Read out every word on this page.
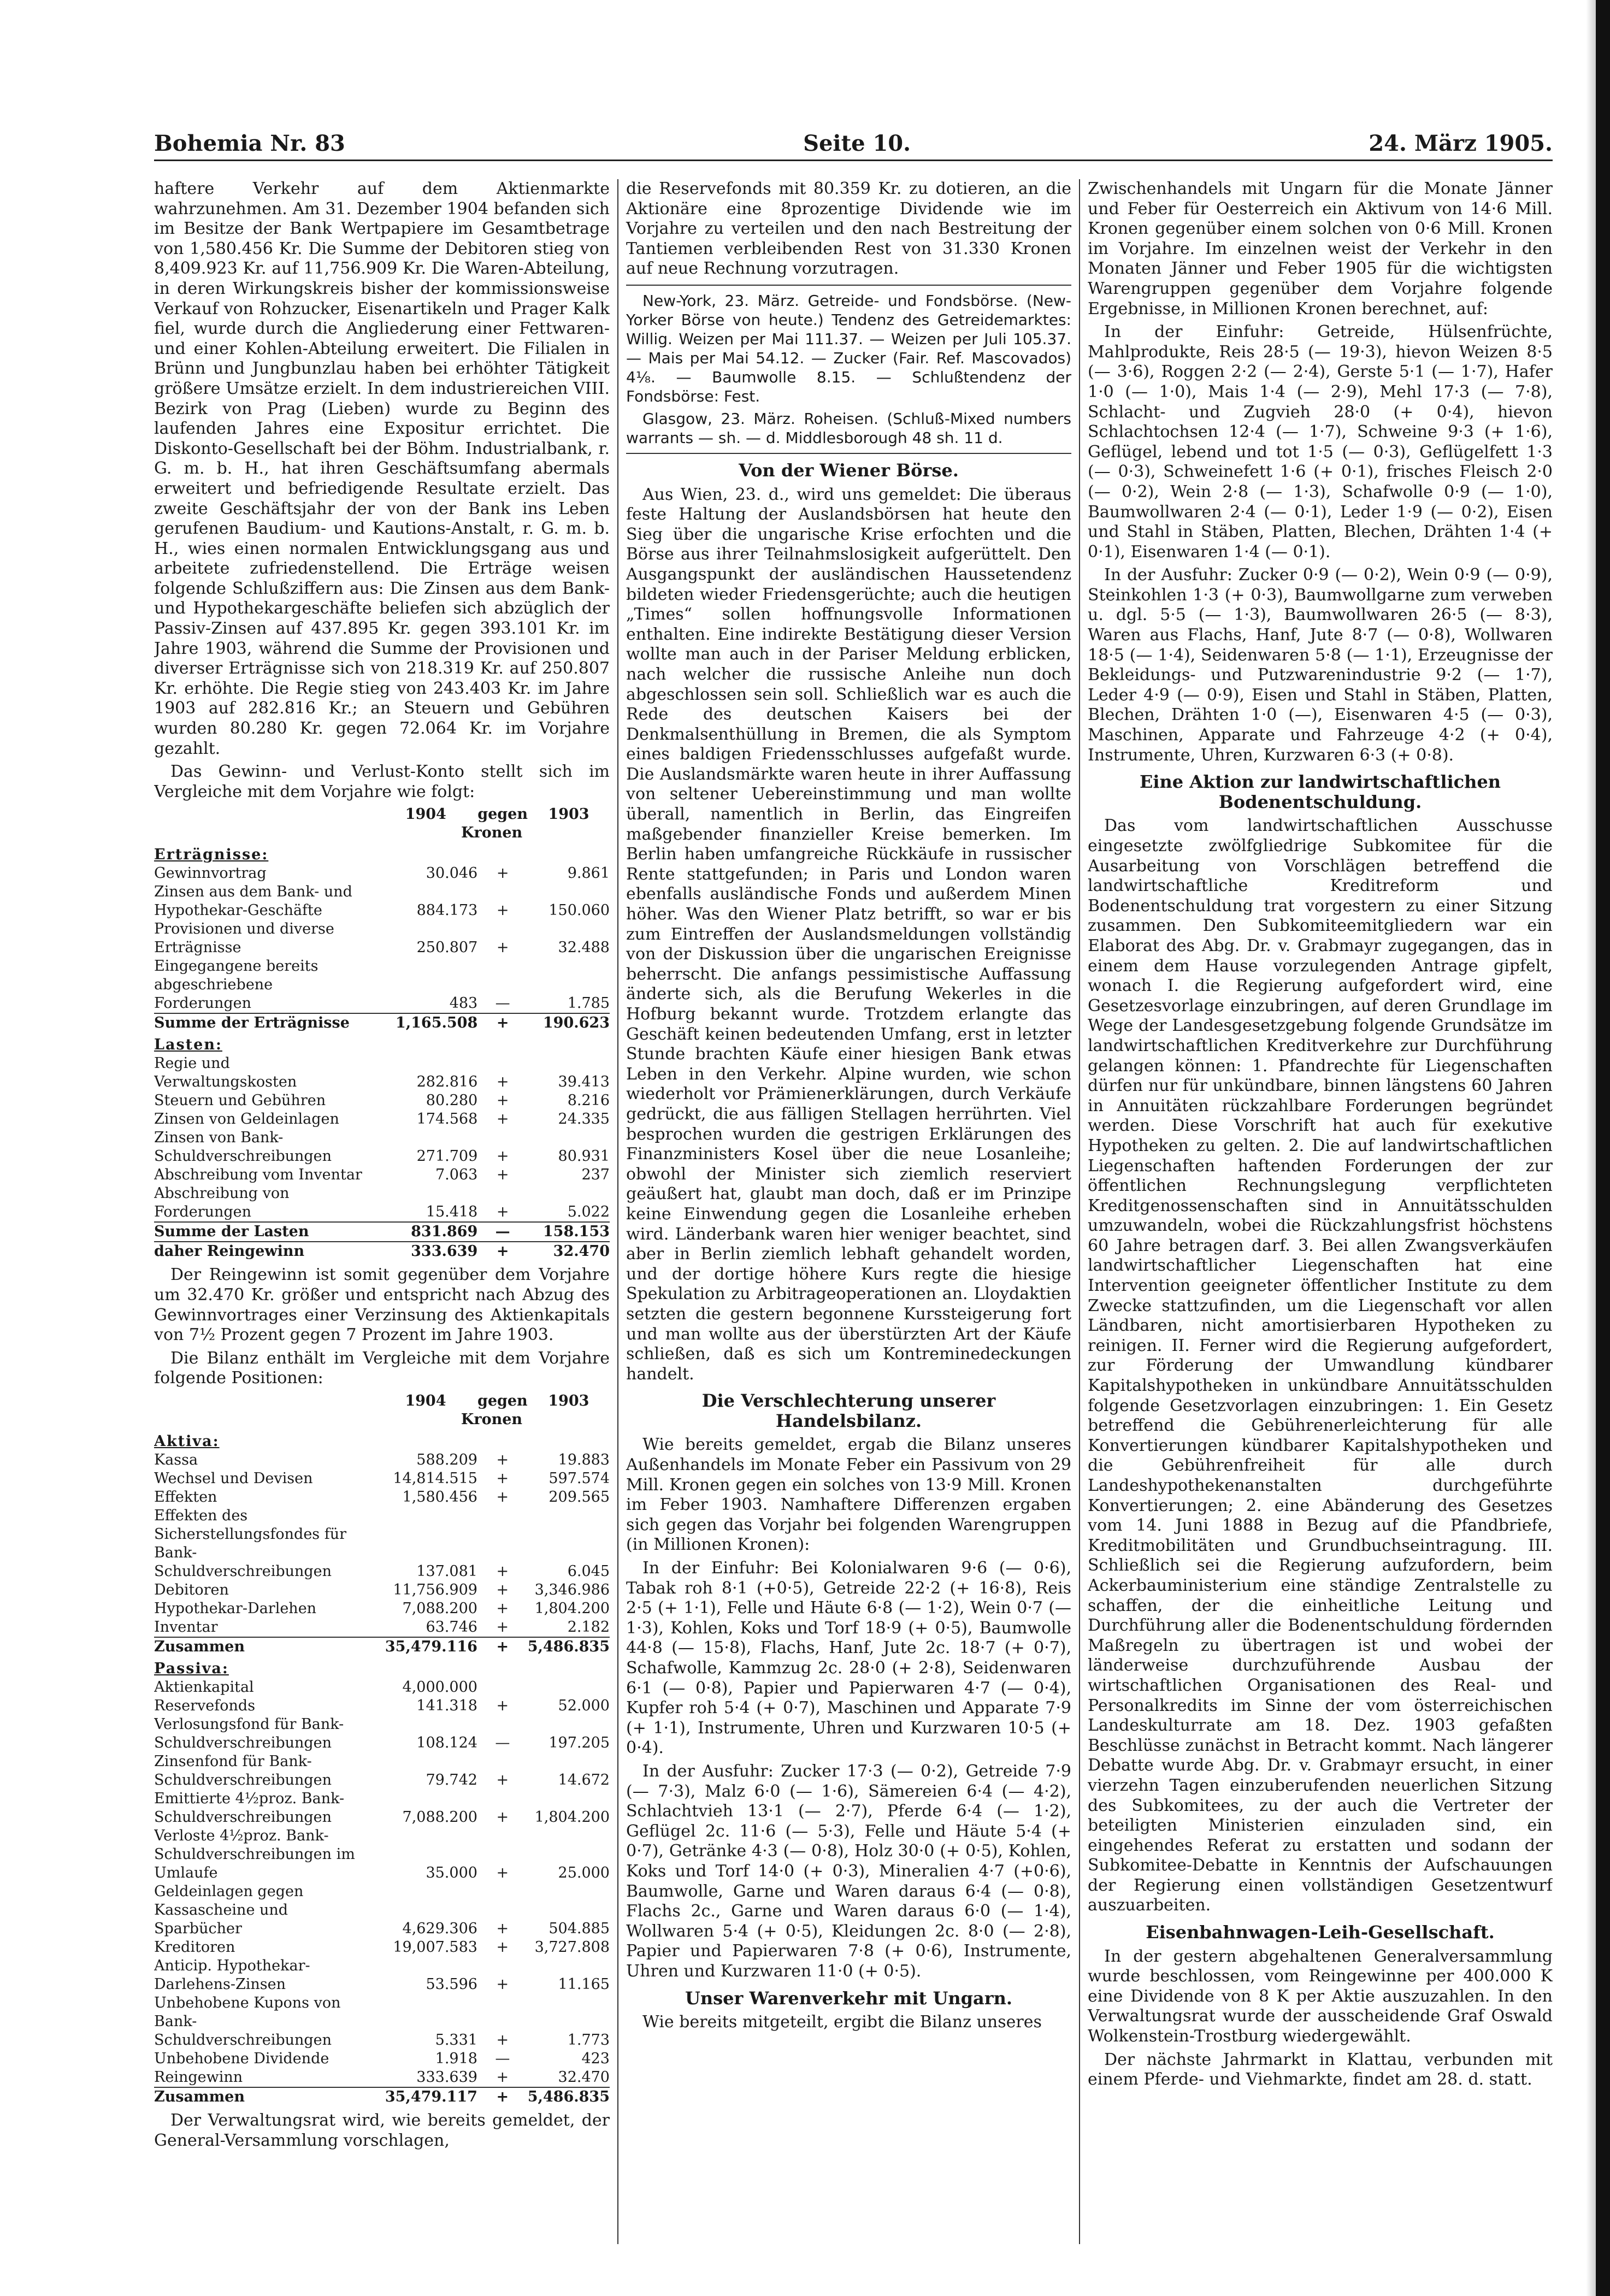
Bohemia Nr. 83	Seite 10.	24. März 1905.

haftere Verkehr auf dem Aktienmarkte wahrzunehmen. Am 31. Dezember 1904 befanden sich im Besitze der Bank Wertpapiere im Gesamtbetrage von 1,580.456 Kr. Die Summe der Debitoren stieg von 8,409.923 Kr. auf 11,756.909 Kr. Die Waren-Abteilung, in deren Wirkungskreis bisher der kommissionsweise Verkauf von Rohzucker, Eisenartikeln und Prager Kalk fiel, wurde durch die Angliederung einer Fettwaren- und einer Kohlen-Abteilung erweitert. Die Filialen in Brünn und Jungbunzlau haben bei erhöhter Tätigkeit größere Umsätze erzielt. In dem industriereichen VIII. Bezirk von Prag (Lieben) wurde zu Beginn des laufenden Jahres eine Expositur errichtet. Die Diskonto-Gesellschaft bei der Böhm. Industrialbank, r. G. m. b. H., hat ihren Geschäftsumfang abermals erweitert und befriedigende Resultate erzielt. Das zweite Geschäftsjahr der von der Bank ins Leben gerufenen Baudium- und Kautions-Anstalt, r. G. m. b. H., wies einen normalen Entwicklungsgang aus und arbeitete zufriedenstellend. Die Erträge weisen folgende Schlußziffern aus: Die Zinsen aus dem Bank- und Hypothekargeschäfte beliefen sich abzüglich der Passiv-Zinsen auf 437.895 Kr. gegen 393.101 Kr. im Jahre 1903, während die Summe der Provisionen und diverser Erträgnisse sich von 218.319 Kr. auf 250.807 Kr. erhöhte. Die Regie stieg von 243.403 Kr. im Jahre 1903 auf 282.816 Kr.; an Steuern und Gebühren wurden 80.280 Kr. gegen 72.064 Kr. im Vorjahre gezahlt.

Das Gewinn- und Verlust-Konto stellt sich im Vergleiche mit dem Vorjahre wie folgt:

	1904	gegen	1903
	Kronen		
Erträgnisse:			
Gewinnvortrag	30.046	+	9.861
Zinsen aus dem Bank- und Hypothekar-Geschäfte	884.173	+	150.060
Provisionen und diverse Erträgnisse	250.807	+	32.488
Eingegangene bereits abgeschriebene Forderungen	483	—	1.785
Summe der Erträgnisse	1,165.508	+	190.623
Lasten:			
Regie und Verwaltungskosten	282.816	+	39.413
Steuern und Gebühren	80.280	+	8.216
Zinsen von Geldeinlagen	174.568	+	24.335
Zinsen von Bank-Schuldverschreibungen	271.709	+	80.931
Abschreibung vom Inventar	7.063	+	237
Abschreibung von Forderungen	15.418	+	5.022
Summe der Lasten	831.869	—	158.153
daher Reingewinn	333.639	+	32.470

Der Reingewinn ist somit gegenüber dem Vorjahre um 32.470 Kr. größer und entspricht nach Abzug des Gewinnvortrages einer Verzinsung des Aktienkapitals von 7½ Prozent gegen 7 Prozent im Jahre 1903.

Die Bilanz enthält im Vergleiche mit dem Vorjahre folgende Positionen:

	1904	gegen	1903
	Kronen		
Aktiva:			
Kassa	588.209	+	19.883
Wechsel und Devisen	14,814.515	+	597.574
Effekten	1,580.456	+	209.565
Effekten des Sicherstellungsfondes für Bank-Schuldverschreibungen	137.081	+	6.045
Debitoren	11,756.909	+	3,346.986
Hypothekar-Darlehen	7,088.200	+	1,804.200
Inventar	63.746	+	2.182
Zusammen	35,479.116	+	5,486.835
Passiva:			
Aktienkapital	4,000.000		
Reservefonds	141.318	+	52.000
Verlosungsfond für Bank-Schuldverschreibungen	108.124	—	197.205
Zinsenfond für Bank-Schuldverschreibungen	79.742	+	14.672
Emittierte 4½proz. Bank-Schuldverschreibungen	7,088.200	+	1,804.200
Verloste 4½proz. Bank-Schuldverschreibungen im Umlaufe	35.000	+	25.000
Geldeinlagen gegen Kassascheine und Sparbücher	4,629.306	+	504.885
Kreditoren	19,007.583	+	3,727.808
Anticip. Hypothekar-Darlehens-Zinsen	53.596	+	11.165
Unbehobene Kupons von Bank-Schuldverschreibungen	5.331	+	1.773
Unbehobene Dividende	1.918	—	423
Reingewinn	333.639	+	32.470
Zusammen	35,479.117	+	5,486.835

Der Verwaltungsrat wird, wie bereits gemeldet, der General-Versammlung vorschlagen,

die Reservefonds mit 80.359 Kr. zu dotieren, an die Aktionäre eine 8prozentige Dividende wie im Vorjahre zu verteilen und den nach Bestreitung der Tantiemen verbleibenden Rest von 31.330 Kronen auf neue Rechnung vorzutragen.

New-York, 23. März. Getreide- und Fondsbörse. (New-Yorker Börse von heute.) Tendenz des Getreidemarktes: Willig. Weizen per Mai 111.37. — Weizen per Juli 105.37. — Mais per Mai 54.12. — Zucker (Fair. Ref. Mascovados) 4⅛. — Baumwolle 8.15. — Schlußtendenz der Fondsbörse: Fest.

Glasgow, 23. März. Roheisen. (Schluß-Mixed numbers warrants — sh. — d. Middlesborough 48 sh. 11 d.

Von der Wiener Börse.

Aus Wien, 23. d., wird uns gemeldet: Die überaus feste Haltung der Auslandsbörsen hat heute den Sieg über die ungarische Krise erfochten und die Börse aus ihrer Teilnahmslosigkeit aufgerüttelt. Den Ausgangspunkt der ausländischen Haussetendenz bildeten wieder Friedensgerüchte; auch die heutigen „Times“ sollen hoffnungsvolle Informationen enthalten. Eine indirekte Bestätigung dieser Version wollte man auch in der Pariser Meldung erblicken, nach welcher die russische Anleihe nun doch abgeschlossen sein soll. Schließlich war es auch die Rede des deutschen Kaisers bei der Denkmalsenthüllung in Bremen, die als Symptom eines baldigen Friedensschlusses aufgefaßt wurde. Die Auslandsmärkte waren heute in ihrer Auffassung von seltener Uebereinstimmung und man wollte überall, namentlich in Berlin, das Eingreifen maßgebender finanzieller Kreise bemerken. Im Berlin haben umfangreiche Rückkäufe in russischer Rente stattgefunden; in Paris und London waren ebenfalls ausländische Fonds und außerdem Minen höher. Was den Wiener Platz betrifft, so war er bis zum Eintreffen der Auslandsmeldungen vollständig von der Diskussion über die ungarischen Ereignisse beherrscht. Die anfangs pessimistische Auffassung änderte sich, als die Berufung Wekerles in die Hofburg bekannt wurde. Trotzdem erlangte das Geschäft keinen bedeutenden Umfang, erst in letzter Stunde brachten Käufe einer hiesigen Bank etwas Leben in den Verkehr. Alpine wurden, wie schon wiederholt vor Prämienerklärungen, durch Verkäufe gedrückt, die aus fälligen Stellagen herrührten. Viel besprochen wurden die gestrigen Erklärungen des Finanzministers Kosel über die neue Losanleihe; obwohl der Minister sich ziemlich reserviert geäußert hat, glaubt man doch, daß er im Prinzipe keine Einwendung gegen die Losanleihe erheben wird. Länderbank waren hier weniger beachtet, sind aber in Berlin ziemlich lebhaft gehandelt worden, und der dortige höhere Kurs regte die hiesige Spekulation zu Arbitrageoperationen an. Lloydaktien setzten die gestern begonnene Kurssteigerung fort und man wollte aus der überstürzten Art der Käufe schließen, daß es sich um Kontreminedeckungen handelt.

Die Verschlechterung unserer Handelsbilanz.

Wie bereits gemeldet, ergab die Bilanz unseres Außenhandels im Monate Feber ein Passivum von 29 Mill. Kronen gegen ein solches von 13·9 Mill. Kronen im Feber 1903. Namhaftere Differenzen ergaben sich gegen das Vorjahr bei folgenden Warengruppen (in Millionen Kronen):

In der Einfuhr: Bei Kolonialwaren 9·6 (— 0·6), Tabak roh 8·1 (+0·5), Getreide 22·2 (+ 16·8), Reis 2·5 (+ 1·1), Felle und Häute 6·8 (— 1·2), Wein 0·7 (— 1·3), Kohlen, Koks und Torf 18·9 (+ 0·5), Baumwolle 44·8 (— 15·8), Flachs, Hanf, Jute 2c. 18·7 (+ 0·7), Schafwolle, Kammzug 2c. 28·0 (+ 2·8), Seidenwaren 6·1 (— 0·8), Papier und Papierwaren 4·7 (— 0·4), Kupfer roh 5·4 (+ 0·7), Maschinen und Apparate 7·9 (+ 1·1), Instrumente, Uhren und Kurzwaren 10·5 (+ 0·4).

In der Ausfuhr: Zucker 17·3 (— 0·2), Getreide 7·9 (— 7·3), Malz 6·0 (— 1·6), Sämereien 6·4 (— 4·2), Schlachtvieh 13·1 (— 2·7), Pferde 6·4 (— 1·2), Geflügel 2c. 11·6 (— 5·3), Felle und Häute 5·4 (+ 0·7), Getränke 4·3 (— 0·8), Holz 30·0 (+ 0·5), Kohlen, Koks und Torf 14·0 (+ 0·3), Mineralien 4·7 (+0·6), Baumwolle, Garne und Waren daraus 6·4 (— 0·8), Flachs 2c., Garne und Waren daraus 6·0 (— 1·4), Wollwaren 5·4 (+ 0·5), Kleidungen 2c. 8·0 (— 2·8), Papier und Papierwaren 7·8 (+ 0·6), Instrumente, Uhren und Kurzwaren 11·0 (+ 0·5).

Unser Warenverkehr mit Ungarn.

Wie bereits mitgeteilt, ergibt die Bilanz unseres

Zwischenhandels mit Ungarn für die Monate Jänner und Feber für Oesterreich ein Aktivum von 14·6 Mill. Kronen gegenüber einem solchen von 0·6 Mill. Kronen im Vorjahre. Im einzelnen weist der Verkehr in den Monaten Jänner und Feber 1905 für die wichtigsten Warengruppen gegenüber dem Vorjahre folgende Ergebnisse, in Millionen Kronen berechnet, auf:

In der Einfuhr: Getreide, Hülsenfrüchte, Mahlprodukte, Reis 28·5 (— 19·3), hievon Weizen 8·5 (— 3·6), Roggen 2·2 (— 2·4), Gerste 5·1 (— 1·7), Hafer 1·0 (— 1·0), Mais 1·4 (— 2·9), Mehl 17·3 (— 7·8), Schlacht- und Zugvieh 28·0 (+ 0·4), hievon Schlachtochsen 12·4 (— 1·7), Schweine 9·3 (+ 1·6), Geflügel, lebend und tot 1·5 (— 0·3), Geflügelfett 1·3 (— 0·3), Schweinefett 1·6 (+ 0·1), frisches Fleisch 2·0 (— 0·2), Wein 2·8 (— 1·3), Schafwolle 0·9 (— 1·0), Baumwollwaren 2·4 (— 0·1), Leder 1·9 (— 0·2), Eisen und Stahl in Stäben, Platten, Blechen, Drähten 1·4 (+ 0·1), Eisenwaren 1·4 (— 0·1).

In der Ausfuhr: Zucker 0·9 (— 0·2), Wein 0·9 (— 0·9), Steinkohlen 1·3 (+ 0·3), Baumwollgarne zum verweben u. dgl. 5·5 (— 1·3), Baumwollwaren 26·5 (— 8·3), Waren aus Flachs, Hanf, Jute 8·7 (— 0·8), Wollwaren 18·5 (— 1·4), Seidenwaren 5·8 (— 1·1), Erzeugnisse der Bekleidungs- und Putzwarenindustrie 9·2 (— 1·7), Leder 4·9 (— 0·9), Eisen und Stahl in Stäben, Platten, Blechen, Drähten 1·0 (—), Eisenwaren 4·5 (— 0·3), Maschinen, Apparate und Fahrzeuge 4·2 (+ 0·4), Instrumente, Uhren, Kurzwaren 6·3 (+ 0·8).

Eine Aktion zur landwirtschaftlichen Bodenentschuldung.

Das vom landwirtschaftlichen Ausschusse eingesetzte zwölfgliedrige Subkomitee für die Ausarbeitung von Vorschlägen betreffend die landwirtschaftliche Kreditreform und Bodenentschuldung trat vorgestern zu einer Sitzung zusammen. Den Subkomiteemitgliedern war ein Elaborat des Abg. Dr. v. Grabmayr zugegangen, das in einem dem Hause vorzulegenden Antrage gipfelt, wonach I. die Regierung aufgefordert wird, eine Gesetzesvorlage einzubringen, auf deren Grundlage im Wege der Landesgesetzgebung folgende Grundsätze im landwirtschaftlichen Kreditverkehre zur Durchführung gelangen können: 1. Pfandrechte für Liegenschaften dürfen nur für unkündbare, binnen längstens 60 Jahren in Annuitäten rückzahlbare Forderungen begründet werden. Diese Vorschrift hat auch für exekutive Hypotheken zu gelten. 2. Die auf landwirtschaftlichen Liegenschaften haftenden Forderungen der zur öffentlichen Rechnungslegung verpflichteten Kreditgenossenschaften sind in Annuitätsschulden umzuwandeln, wobei die Rückzahlungsfrist höchstens 60 Jahre betragen darf. 3. Bei allen Zwangsverkäufen landwirtschaftlicher Liegenschaften hat eine Intervention geeigneter öffentlicher Institute zu dem Zwecke stattzufinden, um die Liegenschaft vor allen Ländbaren, nicht amortisierbaren Hypotheken zu reinigen. II. Ferner wird die Regierung aufgefordert, zur Förderung der Umwandlung kündbarer Kapitalshypotheken in unkündbare Annuitätsschulden folgende Gesetzvorlagen einzubringen: 1. Ein Gesetz betreffend die Gebührenerleichterung für alle Konvertierungen kündbarer Kapitalshypotheken und die Gebührenfreiheit für alle durch Landeshypothekenanstalten durchgeführte Konvertierungen; 2. eine Abänderung des Gesetzes vom 14. Juni 1888 in Bezug auf die Pfandbriefe, Kreditmobilitäten und Grundbuchseintragung. III. Schließlich sei die Regierung aufzufordern, beim Ackerbauministerium eine ständige Zentralstelle zu schaffen, der die einheitliche Leitung und Durchführung aller die Bodenentschuldung fördernden Maßregeln zu übertragen ist und wobei der länderweise durchzuführende Ausbau der wirtschaftlichen Organisationen des Real- und Personalkredits im Sinne der vom österreichischen Landeskulturrate am 18. Dez. 1903 gefaßten Beschlüsse zunächst in Betracht kommt. Nach längerer Debatte wurde Abg. Dr. v. Grabmayr ersucht, in einer vierzehn Tagen einzuberufenden neuerlichen Sitzung des Subkomitees, zu der auch die Vertreter der beteiligten Ministerien einzuladen sind, ein eingehendes Referat zu erstatten und sodann der Subkomitee-Debatte in Kenntnis der Aufschauungen der Regierung einen vollständigen Gesetzentwurf auszuarbeiten.

Eisenbahnwagen-Leih-Gesellschaft.

In der gestern abgehaltenen Generalversammlung wurde beschlossen, vom Reingewinne per 400.000 K eine Dividende von 8 K per Aktie auszuzahlen. In den Verwaltungsrat wurde der ausscheidende Graf Oswald Wolkenstein-Trostburg wiedergewählt.

Der nächste Jahrmarkt in Klattau, verbunden mit einem Pferde- und Viehmarkte, findet am 28. d. statt.
